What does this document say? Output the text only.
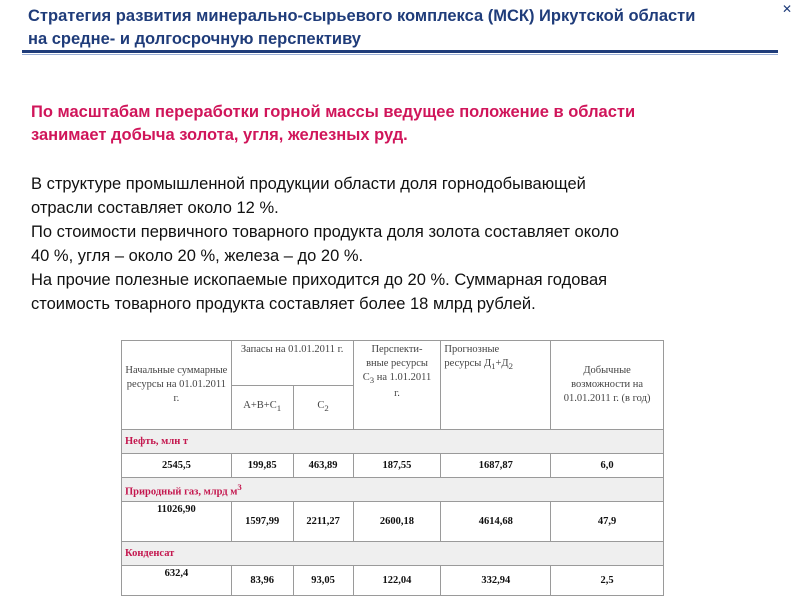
Стратегия развития минерально-сырьевого комплекса (МСК) Иркутской области
на средне- и долгосрочную перспективу
✕
По масштабам переработки горной массы ведущее положение в области
занимает добыча золота, угля, железных руд.

В структуре промышленной продукции области доля горнодобывающей

отрасли составляет около 12 %.

По стоимости первичного товарного продукта доля золота составляет около

40 %, угля – около 20 %, железа – до 20 %.

На прочие полезные ископаемые приходится до 20 %. Суммарная годовая

стоимость товарного продукта составляет более 18 млрд рублей.

Начальные суммарные ресурсы на 01.01.2011 г.	Запасы на 01.01.2011 г.		Перспекти-
вные ресурсы
$С_3$ на 1.01.2011
г.	Прогнозные
ресурсы $Д_1+Д_2$	Добычные возможности на 01.01.2011 г. (в год)
	$А+В+С_1$	$С_2$
Нефть, млн т					
2545,5	199,85	463,89	187,55	1687,87	6,0
Природный газ, млрд $м^3$
11026,90	1597,99	2211,27	2600,18	4614,68	47,9
Конденсат					
632,4	83,96	93,05	122,04	332,94	2,5
